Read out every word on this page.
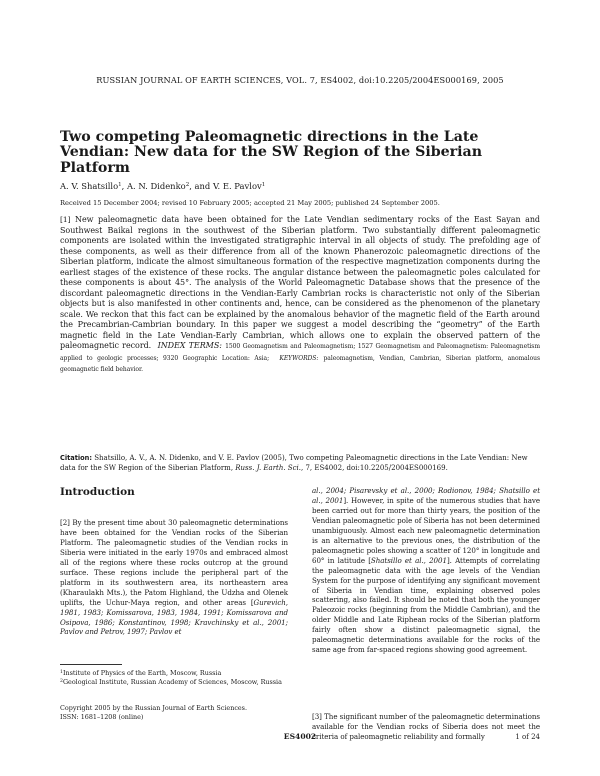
RUSSIAN JOURNAL OF EARTH SCIENCES, VOL. 7, ES4002, doi:10.2205/2004ES000169, 2005
Two competing Paleomagnetic directions in the Late Vendian: New data for the SW Region of the Siberian Platform
A. V. Shatsillo$^1$, A. N. Didenko$^2$, and V. E. Pavlov$^1$
Received 15 December 2004; revised 10 February 2005; accepted 21 May 2005; published 24 September 2005.

[1] New paleomagnetic data have been obtained for the Late Vendian sedimentary rocks of the East Sayan and Southwest Baikal regions in the southwest of the Siberian platform. Two substantially different paleomagnetic components are isolated within the investigated stratigraphic interval in all objects of study. The prefolding age of these components, as well as their difference from all of the known Phanerozoic paleomagnetic directions of the Siberian platform, indicate the almost simultaneous formation of the respective magnetization components during the earliest stages of the existence of these rocks. The angular distance between the paleomagnetic poles calculated for these components is about 45°. The analysis of the World Paleomagnetic Database shows that the presence of the discordant paleomagnetic directions in the Vendian-Early Cambrian rocks is characteristic not only of the Siberian objects but is also manifested in other continents and, hence, can be considered as the phenomenon of the planetary scale. We reckon that this fact can be explained by the anomalous behavior of the magnetic field of the Earth around the Precambrian-Cambrian boundary. In this paper we suggest a model describing the “geometry” of the Earth magnetic field in the Late Vendian-Early Cambrian, which allows one to explain the observed pattern of the paleomagnetic record. INDEX TERMS: 1500 Geomagnetism and Paleomagnetism; 1527 Geomagnetism and Paleomagnetism: Paleomagnetism applied to geologic processes; 9320 Geographic Location: Asia; KEYWORDS: paleomagnetism, Vendian, Cambrian, Siberian platform, anomalous geomagnetic field behavior.

Citation: Shatsillo, A. V., A. N. Didenko, and V. E. Pavlov (2005), Two competing Paleomagnetic directions in the Late Vendian: New data for the SW Region of the Siberian Platform, Russ. J. Earth. Sci., 7, ES4002, doi:10.2205/2004ES000169.

Introduction

[2] By the present time about 30 paleomagnetic determinations have been obtained for the Vendian rocks of the Siberian Platform. The paleomagnetic studies of the Vendian rocks in Siberia were initiated in the early 1970s and embraced almost all of the regions where these rocks outcrop at the ground surface. These regions include the peripheral part of the platform in its southwestern area, its northeastern area (Kharaulakh Mts.), the Patom Highland, the Udzha and Olenek uplifts, the Uchur-Maya region, and other areas [Gurevich, 1981, 1983; Komissarova, 1983, 1984, 1991; Komissarova and Osipova, 1986; Konstantinov, 1998; Kravchinsky et al., 2001; Pavlov and Petrov, 1997; Pavlov et

al., 2004; Pisarevsky et al., 2000; Rodionov, 1984; Shatsillo et al., 2001]. However, in spite of the numerous studies that have been carried out for more than thirty years, the position of the Vendian paleomagnetic pole of Siberia has not been determined unambiguously. Almost each new paleomagnetic determination is an alternative to the previous ones, the distribution of the paleomagnetic poles showing a scatter of 120° in longitude and 60° in latitude [Shatsillo et al., 2001]. Attempts of correlating the paleomagnetic data with the age levels of the Vendian System for the purpose of identifying any significant movement of Siberia in Vendian time, explaining observed poles scattering, also failed. It should be noted that both the younger Paleozoic rocks (beginning from the Middle Cambrian), and the older Middle and Late Riphean rocks of the Siberian platform fairly often show a distinct paleomagnetic signal, the paleomagnetic determinations available for the rocks of the same age from far-spaced regions showing good agreement.

[3] The significant number of the paleomagnetic determinations available for the Vendian rocks of Siberia does not meet the criteria of paleomagnetic reliability and formally

$^1$Institute of Physics of the Earth, Moscow, Russia
$^2$Geological Institute, Russian Academy of Sciences, Moscow, Russia
Copyright 2005 by the Russian Journal of Earth Sciences.
ISSN: 1681–1208 (online)
ES4002	1 of 24
